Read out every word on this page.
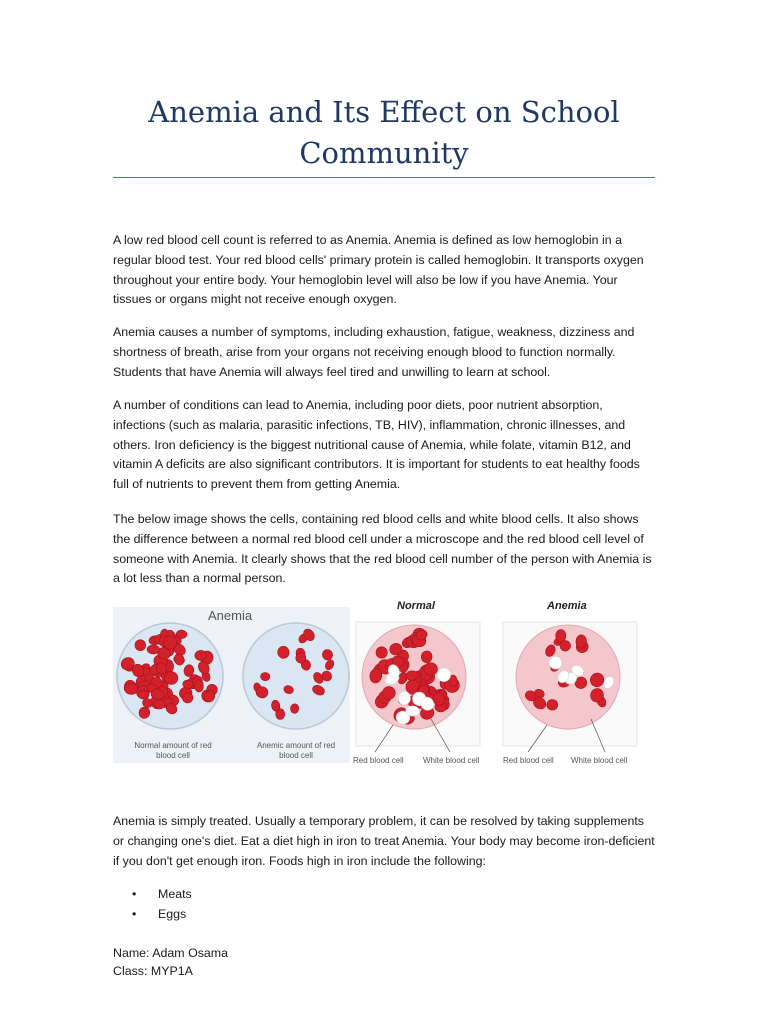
Anemia and Its Effect on School Community

A low red blood cell count is referred to as Anemia. Anemia is defined as low hemoglobin in a regular blood test. Your red blood cells' primary protein is called hemoglobin. It transports oxygen throughout your entire body. Your hemoglobin level will also be low if you have Anemia. Your tissues or organs might not receive enough oxygen.

Anemia causes a number of symptoms, including exhaustion, fatigue, weakness, dizziness and shortness of breath, arise from your organs not receiving enough blood to function normally. Students that have Anemia will always feel tired and unwilling to learn at school.

A number of conditions can lead to Anemia, including poor diets, poor nutrient absorption, infections (such as malaria, parasitic infections, TB, HIV), inflammation, chronic illnesses, and others. Iron deficiency is the biggest nutritional cause of Anemia, while folate, vitamin B12, and vitamin A deficits are also significant contributors. It is important for students to eat healthy foods full of nutrients to prevent them from getting Anemia.

The below image shows the cells, containing red blood cells and white blood cells. It also shows the difference between a normal red blood cell under a microscope and the red blood cell level of someone with Anemia. It clearly shows that the red blood cell number of the person with Anemia is a lot less than a normal person.

Anemia
Normal amount of red blood cell
Anemic amount of red blood cell
Normal	Anemia
Red blood cell White blood cell	Red blood cell White blood cell

Anemia is simply treated. Usually a temporary problem, it can be resolved by taking supplements or changing one's diet. Eat a diet high in iron to treat Anemia. Your body may become iron-deficient if you don't get enough iron. Foods high in iron include the following:

• Meats
• Eggs

Name: Adam Osama

Class: MYP1A
